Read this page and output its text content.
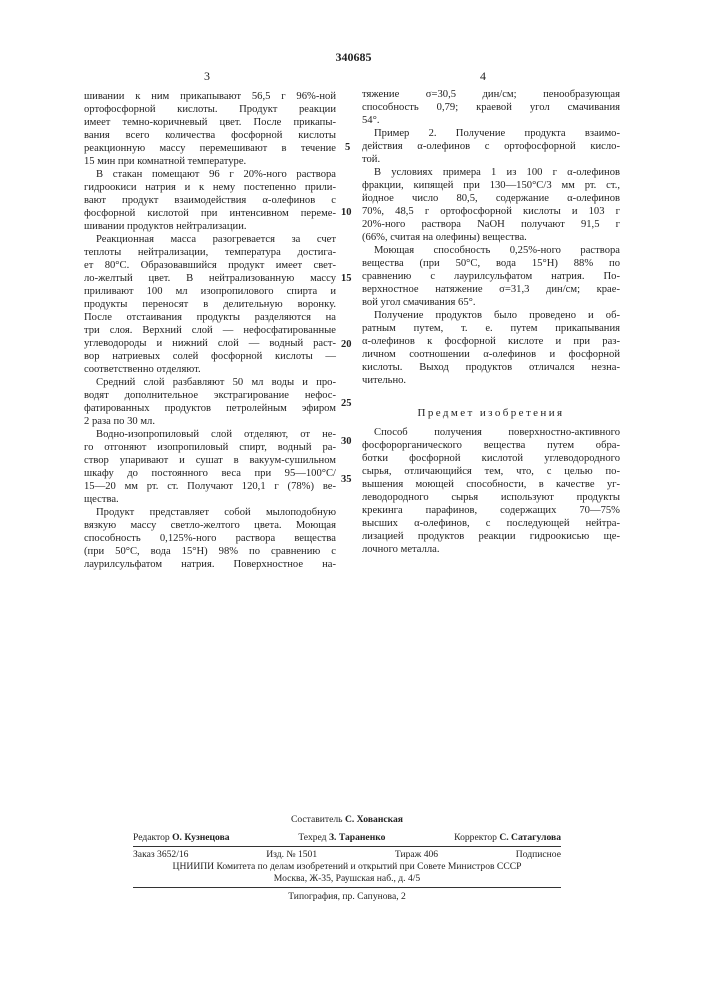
340685
3	4
5
10
15
20
25
30
35
шивании к ним прикапывают 56,5 г 96%-ной
ортофосфорной кислоты. Продукт реакции
имеет темно-коричневый цвет. После прикапы-
вания всего количества фосфорной кислоты
реакционную массу перемешивают в течение
15 мин при комнатной температуре.
В стакан помещают 96 г 20%-ного раствора
гидроокиси натрия и к нему постепенно прили-
вают продукт взаимодействия α-олефинов с
фосфорной кислотой при интенсивном переме-
шивании продуктов нейтрализации.
Реакционная масса разогревается за счет
теплоты нейтрализации, температура достига-
ет 80°С. Образовавшийся продукт имеет свет-
ло-желтый цвет. В нейтрализованную массу
приливают 100 мл изопропилового спирта и
продукты переносят в делительную воронку.
После отстаивания продукты разделяются на
три слоя. Верхний слой — нефосфатированные
углеводороды и нижний слой — водный раст-
вор натриевых солей фосфорной кислоты —
соответственно отделяют.
Средний слой разбавляют 50 мл воды и про-
водят дополнительное экстрагирование нефос-
фатированных продуктов петролейным эфиром
2 раза по 30 мл.
Водно-изопропиловый слой отделяют, от не-
го отгоняют изопропиловый спирт, водный ра-
створ упаривают и сушат в вакуум-сушильном
шкафу до постоянного веса при 95—100°С/
15—20 мм рт. ст. Получают 120,1 г (78%) ве-
щества.
Продукт представляет собой мылоподобную
вязкую массу светло-желтого цвета. Моющая
способность 0,125%-ного раствора вещества
(при 50°С, вода 15°Н) 98% по сравнению с
лаурилсульфатом натрия. Поверхностное на-
тяжение σ=30,5 дин/см; пенообразующая
способность 0,79; краевой угол смачивания
54°.
Пример 2. Получение продукта взаимо-
действия α-олефинов с ортофосфорной кисло-
той.
В условиях примера 1 из 100 г α-олефинов
фракции, кипящей при 130—150°С/3 мм рт. ст.,
йодное число 80,5, содержание α-олефинов
70%, 48,5 г ортофосфорной кислоты и 103 г
20%-ного раствора NaOH получают 91,5 г
(66%, считая на олефины) вещества.
Моющая способность 0,25%-ного раствора
вещества (при 50°С, вода 15°Н) 88% по
сравнению с лаурилсульфатом натрия. По-
верхностное натяжение σ=31,3 дин/см; крае-
вой угол смачивания 65°.
Получение продуктов было проведено и об-
ратным путем, т. е. путем прикапывания
α-олефинов к фосфорной кислоте и при раз-
личном соотношении α-олефинов и фосфорной
кислоты. Выход продуктов отличался незна-
чительно.
Предмет изобретения
Способ получения поверхностно-активного
фосфорорганического вещества путем обра-
ботки фосфорной кислотой углеводородного
сырья, отличающийся тем, что, с целью по-
вышения моющей способности, в качестве уг-
леводородного сырья используют продукты
крекинга парафинов, содержащих 70—75%
высших α-олефинов, с последующей нейтра-
лизацией продуктов реакции гидроокисью ще-
лочного металла.
Составитель С. Хованская
Редактор О. Кузнецова	Техред З. Тараненко	Корректор С. Сатагулова
Заказ 3652/16	Изд. № 1501	Тираж 406	Подписное
ЦНИИПИ Комитета по делам изобретений и открытий при Совете Министров СССР
Москва, Ж-35, Раушская наб., д. 4/5
Типография, пр. Сапунова, 2
